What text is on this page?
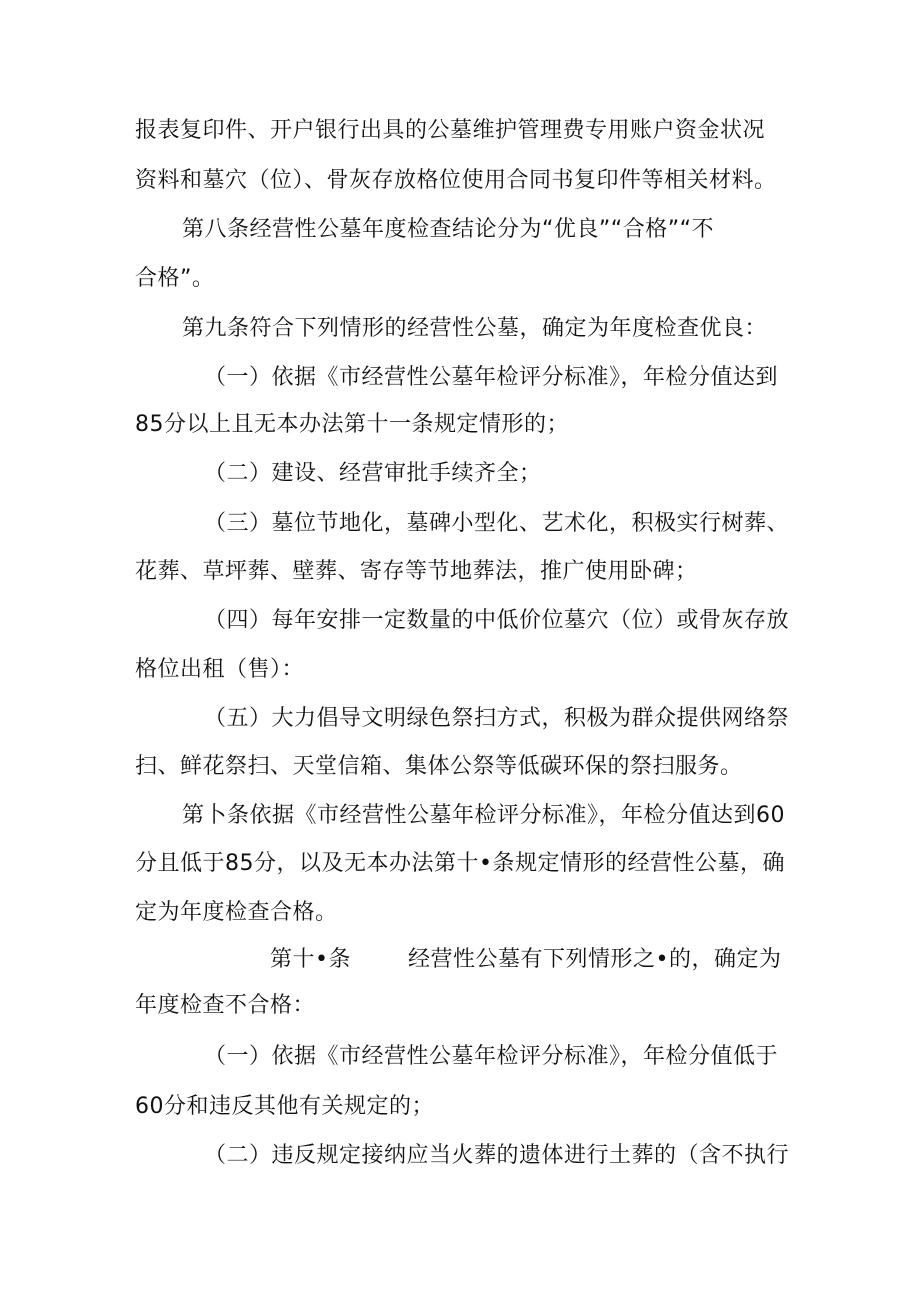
报表复印件、开户银行出具的公墓维护管理费专用账户资金状况
资料和墓穴（位）、骨灰存放格位使用合同书复印件等相关材料。
第八条经营性公墓年度检查结论分为“优良”“合格”“不
合格”。
第九条符合下列情形的经营性公墓，确定为年度检查优良：
（一）依据《市经营性公墓年检评分标准》，年检分值达到
85分以上且无本办法第十一条规定情形的；
（二）建设、经营审批手续齐全；
（三）墓位节地化，墓碑小型化、艺术化，积极实行树葬、
花葬、草坪葬、壁葬、寄存等节地葬法，推广使用卧碑；
（四）每年安排一定数量的中低价位墓穴（位）或骨灰存放
格位出租（售）：
（五）大力倡导文明绿色祭扫方式，积极为群众提供网络祭
扫、鲜花祭扫、天堂信箱、集体公祭等低碳环保的祭扫服务。
第卜条依据《市经营性公墓年检评分标准》，年检分值达到60
分且低于85分，以及无本办法第十•条规定情形的经营性公墓，确
定为年度检查合格。
第十•条	经营性公墓有下列情形之•的，确定为
年度检查不合格：
（一）依据《市经营性公墓年检评分标准》，年检分值低于
60分和违反其他有关规定的；
（二）违反规定接纳应当火葬的遗体进行土葬的（含不执行
